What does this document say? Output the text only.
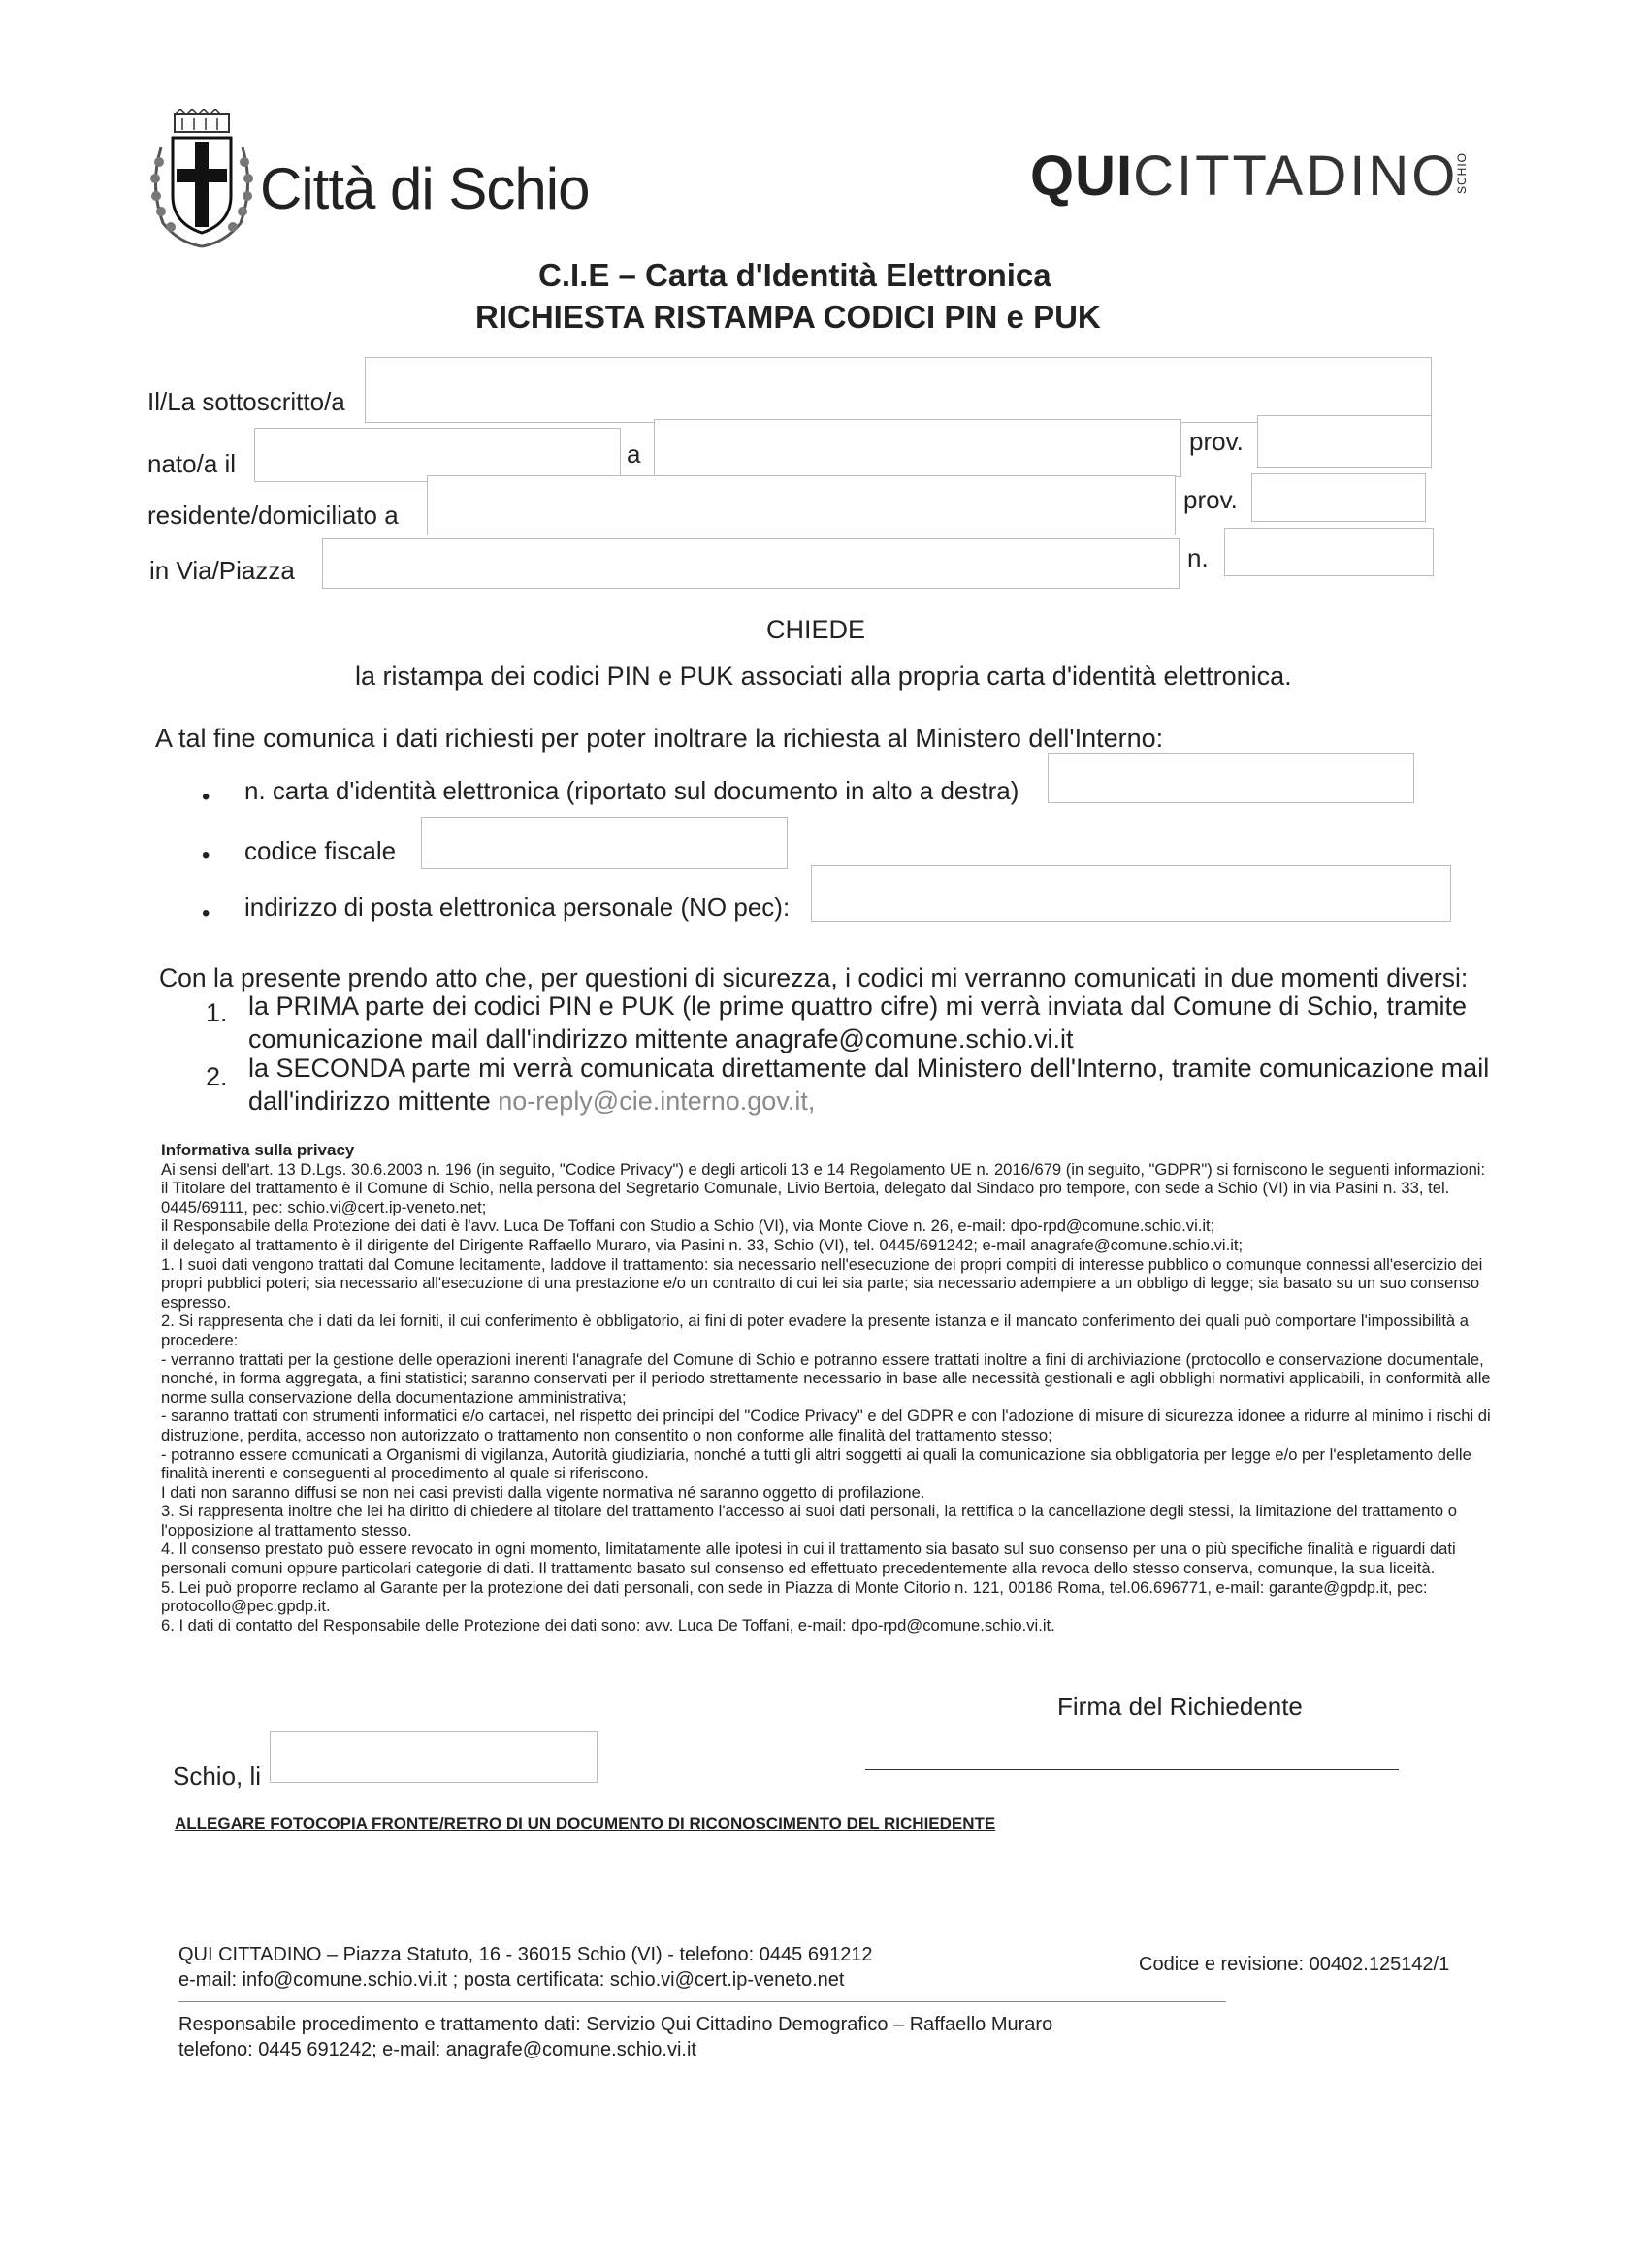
Città di Schio	QUICITTADINO
SCHIO
C.I.E – Carta d'Identità Elettronica
RICHIESTA RISTAMPA CODICI PIN e PUK
Il/La sottoscritto/a
nato/a il	a	prov.
residente/domiciliato a
prov.
in Via/Piazza	n.
CHIEDE
la ristampa dei codici PIN e PUK associati alla propria carta d'identità elettronica.
A tal fine comunica i dati richiesti per poter inoltrare la richiesta al Ministero dell'Interno:
• n. carta d'identità elettronica (riportato sul documento in alto a destra)
• codice fiscale
• indirizzo di posta elettronica personale (NO pec):
Con la presente prendo atto che, per questioni di sicurezza, i codici mi verranno comunicati in due momenti diversi:
1. la PRIMA parte dei codici PIN e PUK (le prime quattro cifre) mi verrà inviata dal Comune di Schio, tramite
comunicazione mail dall'indirizzo mittente anagrafe@comune.schio.vi.it
2. la SECONDA parte mi verrà comunicata direttamente dal Ministero dell'Interno, tramite comunicazione mail
dall'indirizzo mittente no-reply@cie.interno.gov.it,

Informativa sulla privacy

Ai sensi dell'art. 13 D.Lgs. 30.6.2003 n. 196 (in seguito, "Codice Privacy") e degli articoli 13 e 14 Regolamento UE n. 2016/679 (in seguito, "GDPR") si forniscono le seguenti informazioni:

il Titolare del trattamento è il Comune di Schio, nella persona del Segretario Comunale, Livio Bertoia, delegato dal Sindaco pro tempore, con sede a Schio (VI) in via Pasini n. 33, tel. 0445/69111, pec: schio.vi@cert.ip-veneto.net;

il Responsabile della Protezione dei dati è l'avv. Luca De Toffani con Studio a Schio (VI), via Monte Ciove n. 26, e-mail: dpo-rpd@comune.schio.vi.it;

il delegato al trattamento è il dirigente del Dirigente Raffaello Muraro, via Pasini n. 33, Schio (VI), tel. 0445/691242; e-mail anagrafe@comune.schio.vi.it;

1. I suoi dati vengono trattati dal Comune lecitamente, laddove il trattamento: sia necessario nell'esecuzione dei propri compiti di interesse pubblico o comunque connessi all'esercizio dei propri pubblici poteri; sia necessario all'esecuzione di una prestazione e/o un contratto di cui lei sia parte; sia necessario adempiere a un obbligo di legge; sia basato su un suo consenso espresso.

2. Si rappresenta che i dati da lei forniti, il cui conferimento è obbligatorio, ai fini di poter evadere la presente istanza e il mancato conferimento dei quali può comportare l'impossibilità a procedere:

- verranno trattati per la gestione delle operazioni inerenti l'anagrafe del Comune di Schio e potranno essere trattati inoltre a fini di archiviazione (protocollo e conservazione documentale, nonché, in forma aggregata, a fini statistici; saranno conservati per il periodo strettamente necessario in base alle necessità gestionali e agli obblighi normativi applicabili, in conformità alle norme sulla conservazione della documentazione amministrativa;

- saranno trattati con strumenti informatici e/o cartacei, nel rispetto dei principi del "Codice Privacy" e del GDPR e con l'adozione di misure di sicurezza idonee a ridurre al minimo i rischi di distruzione, perdita, accesso non autorizzato o trattamento non consentito o non conforme alle finalità del trattamento stesso;

- potranno essere comunicati a Organismi di vigilanza, Autorità giudiziaria, nonché a tutti gli altri soggetti ai quali la comunicazione sia obbligatoria per legge e/o per l'espletamento delle finalità inerenti e conseguenti al procedimento al quale si riferiscono.

I dati non saranno diffusi se non nei casi previsti dalla vigente normativa né saranno oggetto di profilazione.

3. Si rappresenta inoltre che lei ha diritto di chiedere al titolare del trattamento l'accesso ai suoi dati personali, la rettifica o la cancellazione degli stessi, la limitazione del trattamento o l'opposizione al trattamento stesso.

4. Il consenso prestato può essere revocato in ogni momento, limitatamente alle ipotesi in cui il trattamento sia basato sul suo consenso per una o più specifiche finalità e riguardi dati personali comuni oppure particolari categorie di dati. Il trattamento basato sul consenso ed effettuato precedentemente alla revoca dello stesso conserva, comunque, la sua liceità.

5. Lei può proporre reclamo al Garante per la protezione dei dati personali, con sede in Piazza di Monte Citorio n. 121, 00186 Roma, tel.06.696771, e-mail: garante@gpdp.it, pec: protocollo@pec.gpdp.it.

6. I dati di contatto del Responsabile delle Protezione dei dati sono: avv. Luca De Toffani, e-mail: dpo-rpd@comune.schio.vi.it.

Firma del Richiedente
Schio, li
ALLEGARE FOTOCOPIA FRONTE/RETRO DI UN DOCUMENTO DI RICONOSCIMENTO DEL RICHIEDENTE
QUI CITTADINO – Piazza Statuto, 16 - 36015 Schio (VI) - telefono: 0445 691212
e-mail: info@comune.schio.vi.it ; posta certificata: schio.vi@cert.ip-veneto.net
Codice e revisione: 00402.125142/1
Responsabile procedimento e trattamento dati: Servizio Qui Cittadino Demografico – Raffaello Muraro
telefono: 0445 691242; e-mail: anagrafe@comune.schio.vi.it
